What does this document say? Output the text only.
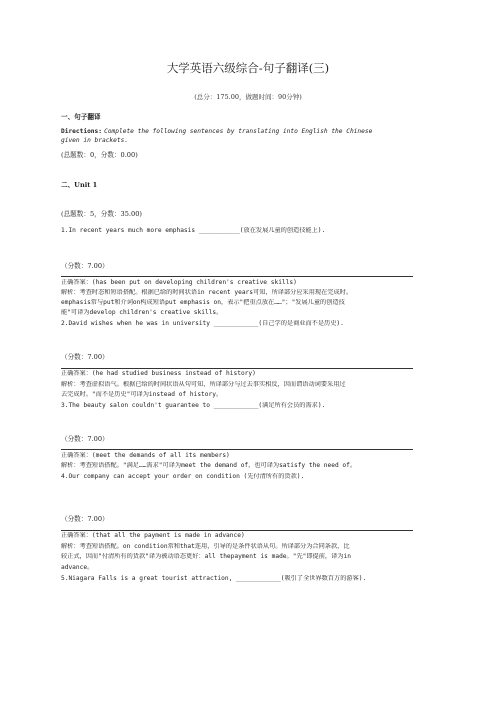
大学英语六级综合-句子翻译(三)
(总分：175.00，做题时间：90分钟)
一、句子翻译
Directions: Complete the following sentences by translating into English the Chinese
given in brackets.
(总题数：0，分数：0.00)
二、Unit 1
(总题数：5，分数：35.00)
1.In recent years much more emphasis ___________(放在发展儿童的创造技能上).
（分数：7.00）
正确答案：(has been put on developing children's creative skills)
解析：考查时态和短语搭配。根据已给的时间状语in recent years可知，所译部分应采用现在完成时。
emphasis常与put和介词on构成短语put emphasis on，表示"把重点放在……"；"发展儿童的创造技
能"可译为develop children's creative skills。
2.David wishes when he was in university ____________(自己学的是商业而不是历史).
（分数：7.00）
正确答案：(he had studied business instead of history)
解析：考查虚拟语气。根据已给的时间状语从句可知，所译部分与过去事实相反，因而谓语动词要采用过
去完成时。"而不是历史"可译为instead of history。
3.The beauty salon couldn't guarantee to ____________(满足所有会员的需求).
（分数：7.00）
正确答案：(meet the demands of all its members)
解析：考查短语搭配。"满足……需求"可译为meet the demand of，也可译为satisfy the need of。
4.Our company can accept your order on condition (先付清所有的货款).
（分数：7.00）
正确答案：(that all the payment is made in advance)
解析：考查短语搭配。on condition常和that连用，引导的是条件状语从句。所译部分为合同条款，比
较正式，因而"付清所有的货款"译为被动语态更好：all thepayment is made。"先"即提前，译为in
advance。
5.Niagara Falls is a great tourist attraction, ____________(吸引了全世界数百万的游客).
